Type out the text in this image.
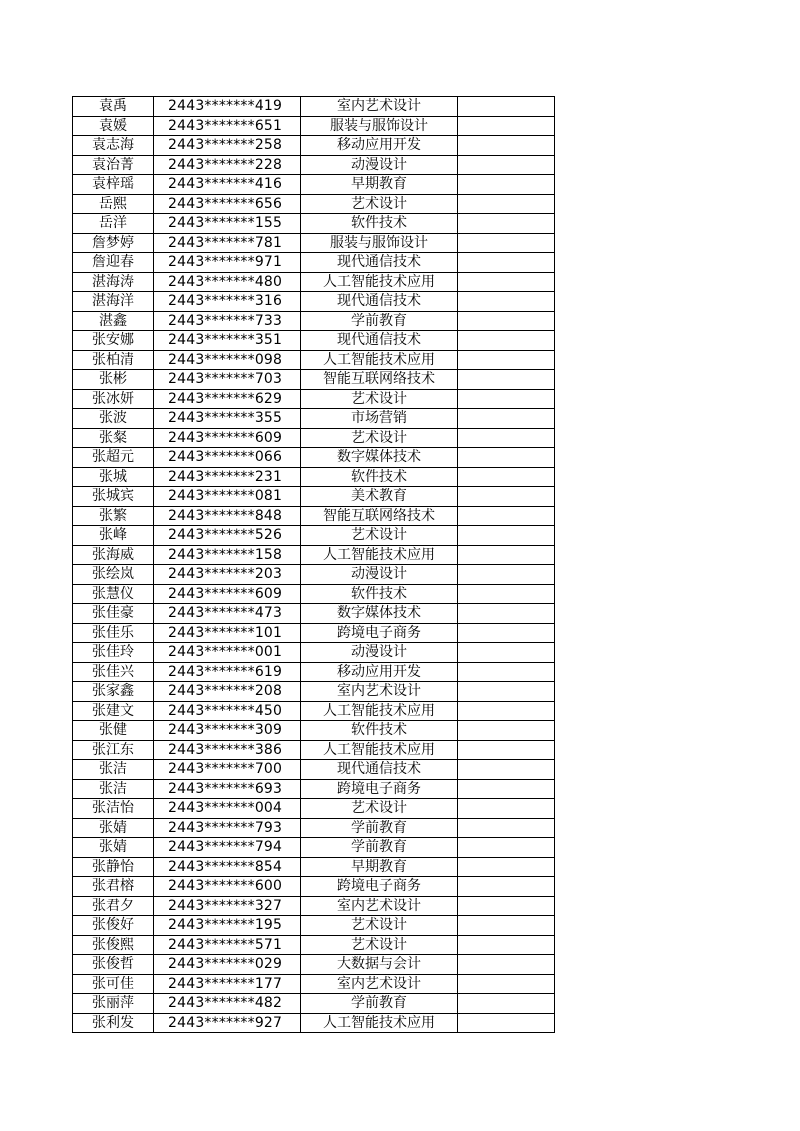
袁禹	2443*******419	室内艺术设计	
袁媛	2443*******651	服装与服饰设计	
袁志海	2443*******258	移动应用开发	
袁治菁	2443*******228	动漫设计	
袁梓瑶	2443*******416	早期教育	
岳熙	2443*******656	艺术设计	
岳洋	2443*******155	软件技术	
詹梦婷	2443*******781	服装与服饰设计	
詹迎春	2443*******971	现代通信技术	
湛海涛	2443*******480	人工智能技术应用	
湛海洋	2443*******316	现代通信技术	
湛鑫	2443*******733	学前教育	
张安娜	2443*******351	现代通信技术	
张柏清	2443*******098	人工智能技术应用	
张彬	2443*******703	智能互联网络技术	
张冰妍	2443*******629	艺术设计	
张波	2443*******355	市场营销	
张粲	2443*******609	艺术设计	
张超元	2443*******066	数字媒体技术	
张城	2443*******231	软件技术	
张城宾	2443*******081	美术教育	
张繁	2443*******848	智能互联网络技术	
张峰	2443*******526	艺术设计	
张海威	2443*******158	人工智能技术应用	
张绘岚	2443*******203	动漫设计	
张慧仪	2443*******609	软件技术	
张佳豪	2443*******473	数字媒体技术	
张佳乐	2443*******101	跨境电子商务	
张佳玲	2443*******001	动漫设计	
张佳兴	2443*******619	移动应用开发	
张家鑫	2443*******208	室内艺术设计	
张建文	2443*******450	人工智能技术应用	
张健	2443*******309	软件技术	
张江东	2443*******386	人工智能技术应用	
张洁	2443*******700	现代通信技术	
张洁	2443*******693	跨境电子商务	
张洁怡	2443*******004	艺术设计	
张婧	2443*******793	学前教育	
张婧	2443*******794	学前教育	
张静怡	2443*******854	早期教育	
张君榕	2443*******600	跨境电子商务	
张君夕	2443*******327	室内艺术设计	
张俊好	2443*******195	艺术设计	
张俊熙	2443*******571	艺术设计	
张俊哲	2443*******029	大数据与会计	
张可佳	2443*******177	室内艺术设计	
张丽萍	2443*******482	学前教育	
张利发	2443*******927	人工智能技术应用	
